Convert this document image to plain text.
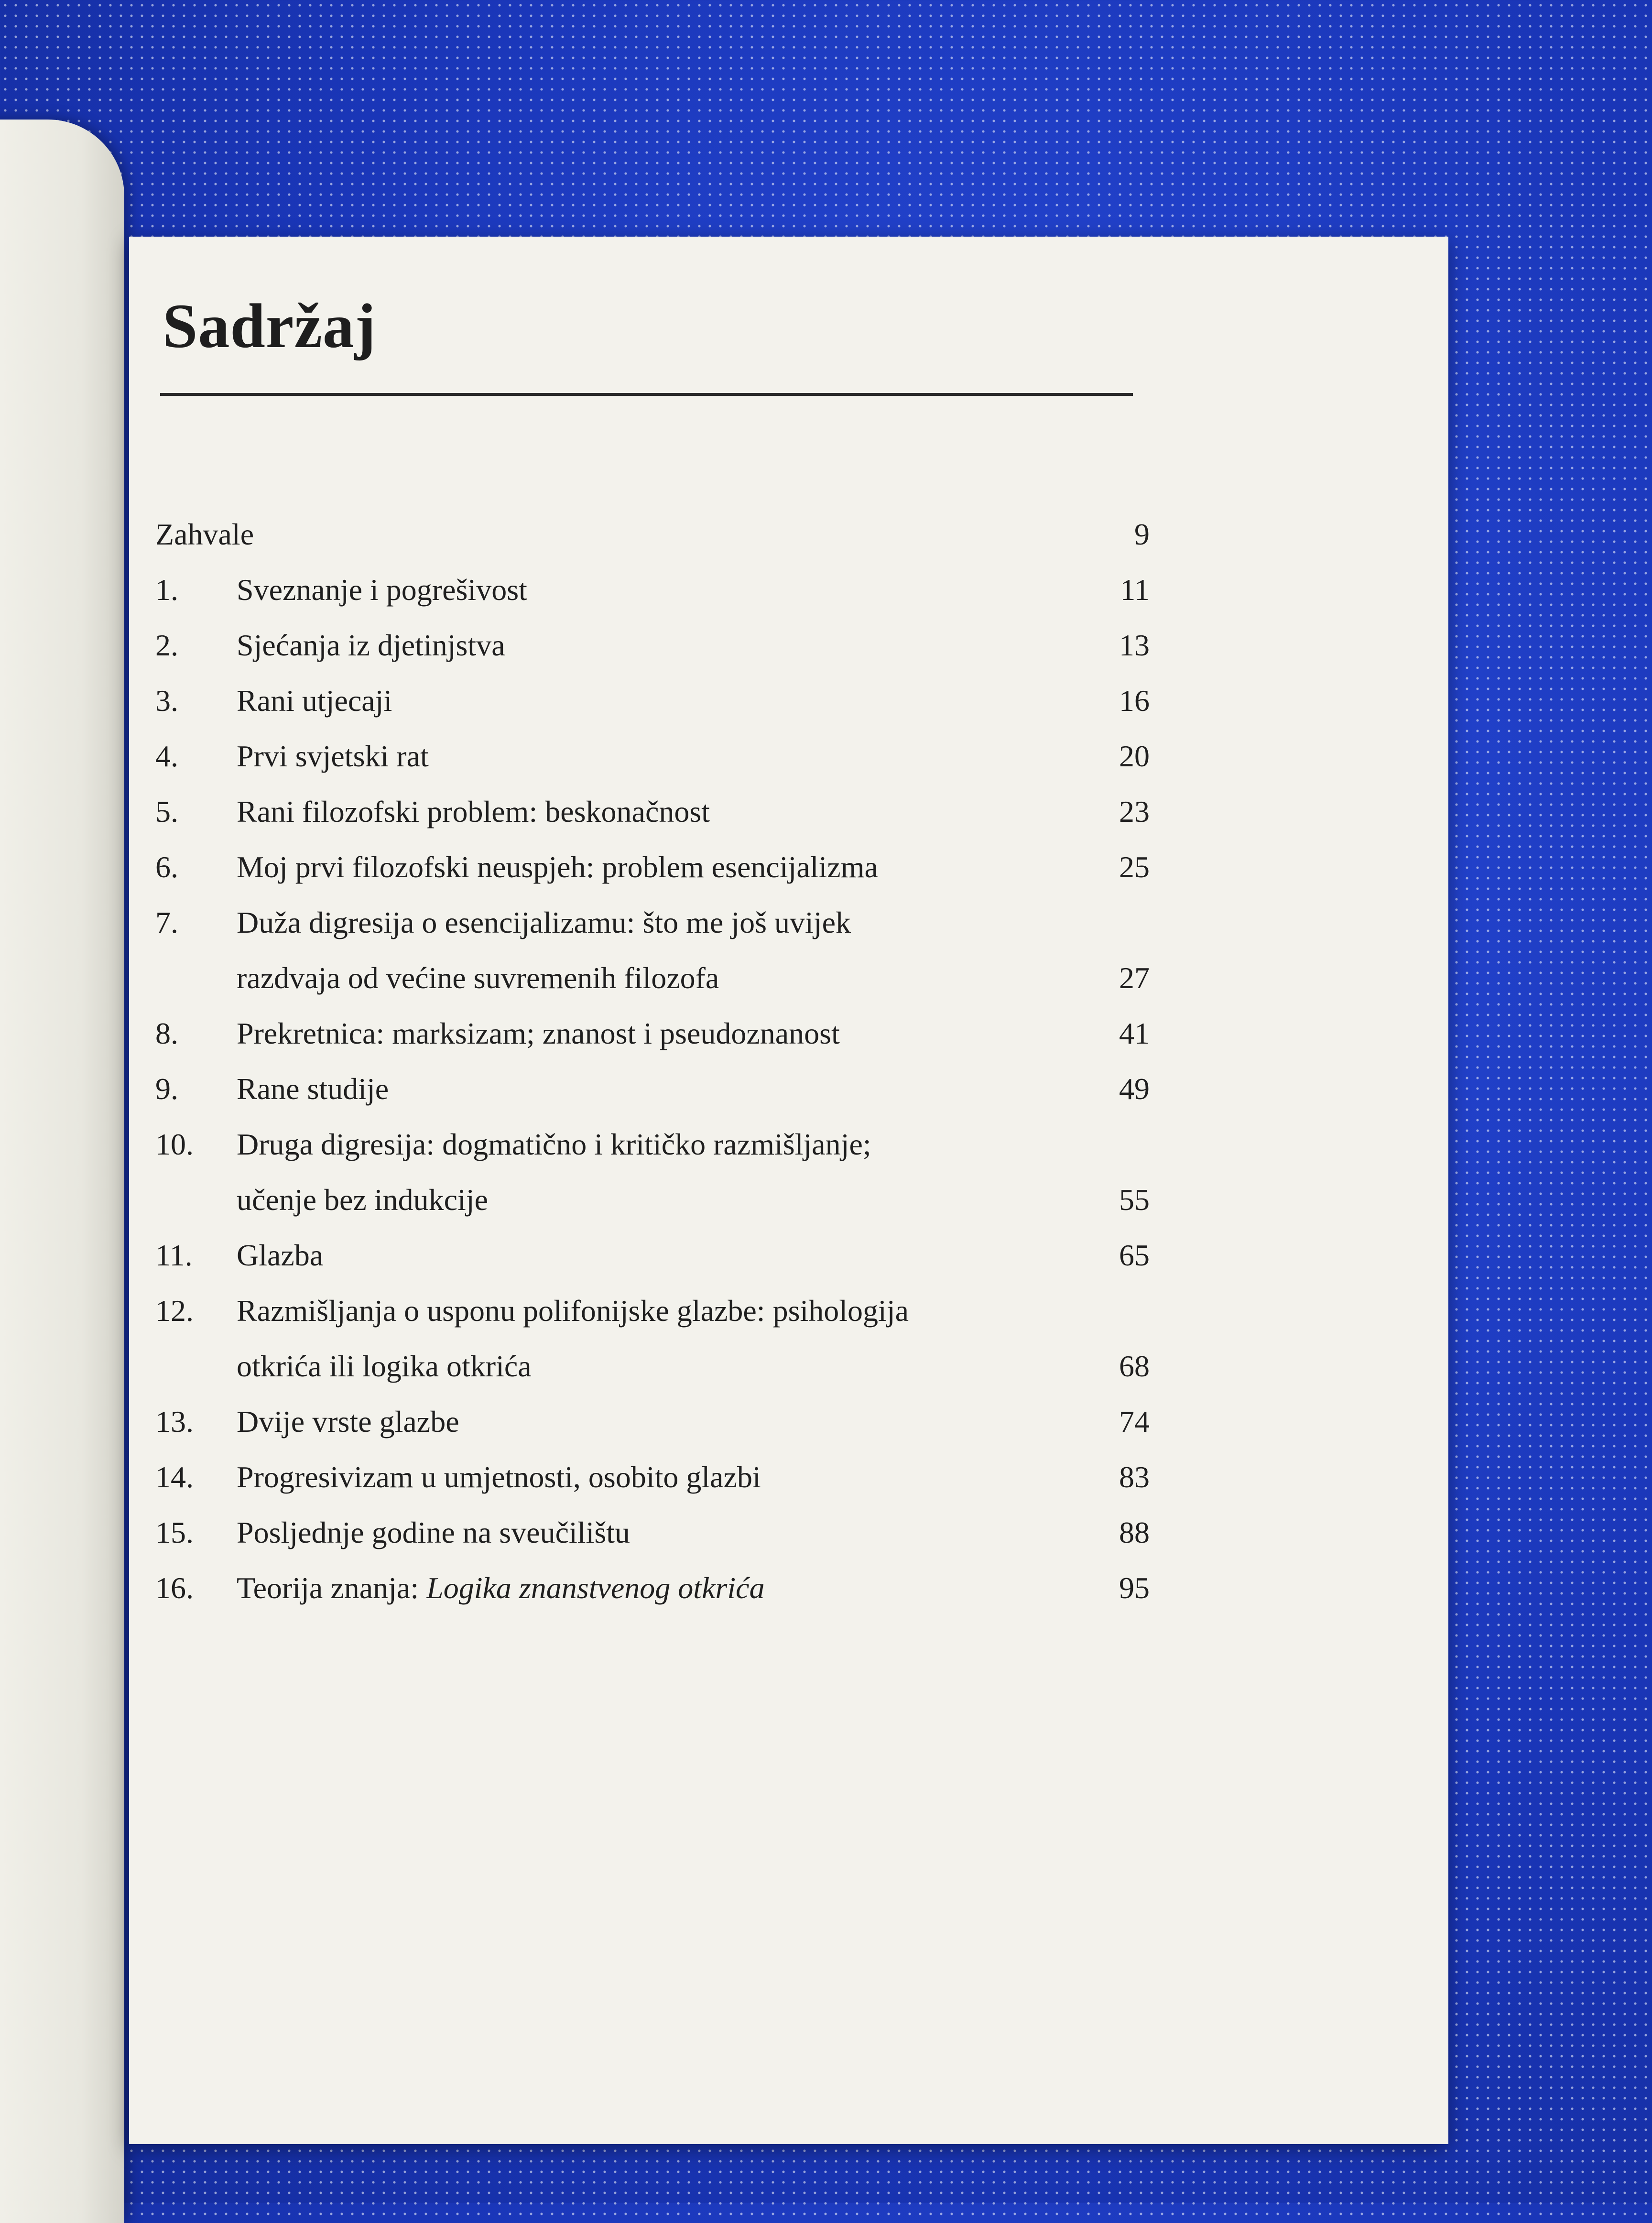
Sadržaj
Zahvale	9
1.	Sveznanje i pogrešivost	11
2.	Sjećanja iz djetinjstva	13
3.	Rani utjecaji	16
4.	Prvi svjetski rat	20
5.	Rani filozofski problem: beskonačnost	23
6.	Moj prvi filozofski neuspjeh: problem esencijalizma	25
7.	Duža digresija o esencijalizamu: što me još uvijek
razdvaja od većine suvremenih filozofa	27
8.	Prekretnica: marksizam; znanost i pseudoznanost	41
9.	Rane studije	49
10.	Druga digresija: dogmatično i kritičko razmišljanje;
učenje bez indukcije	55
11.	Glazba	65
12.	Razmišljanja o usponu polifonijske glazbe: psihologija
otkrića ili logika otkrića	68
13.	Dvije vrste glazbe	74
14.	Progresivizam u umjetnosti, osobito glazbi	83
15.	Posljednje godine na sveučilištu	88
16.	Teorija znanja: Logika znanstvenog otkrića	95
